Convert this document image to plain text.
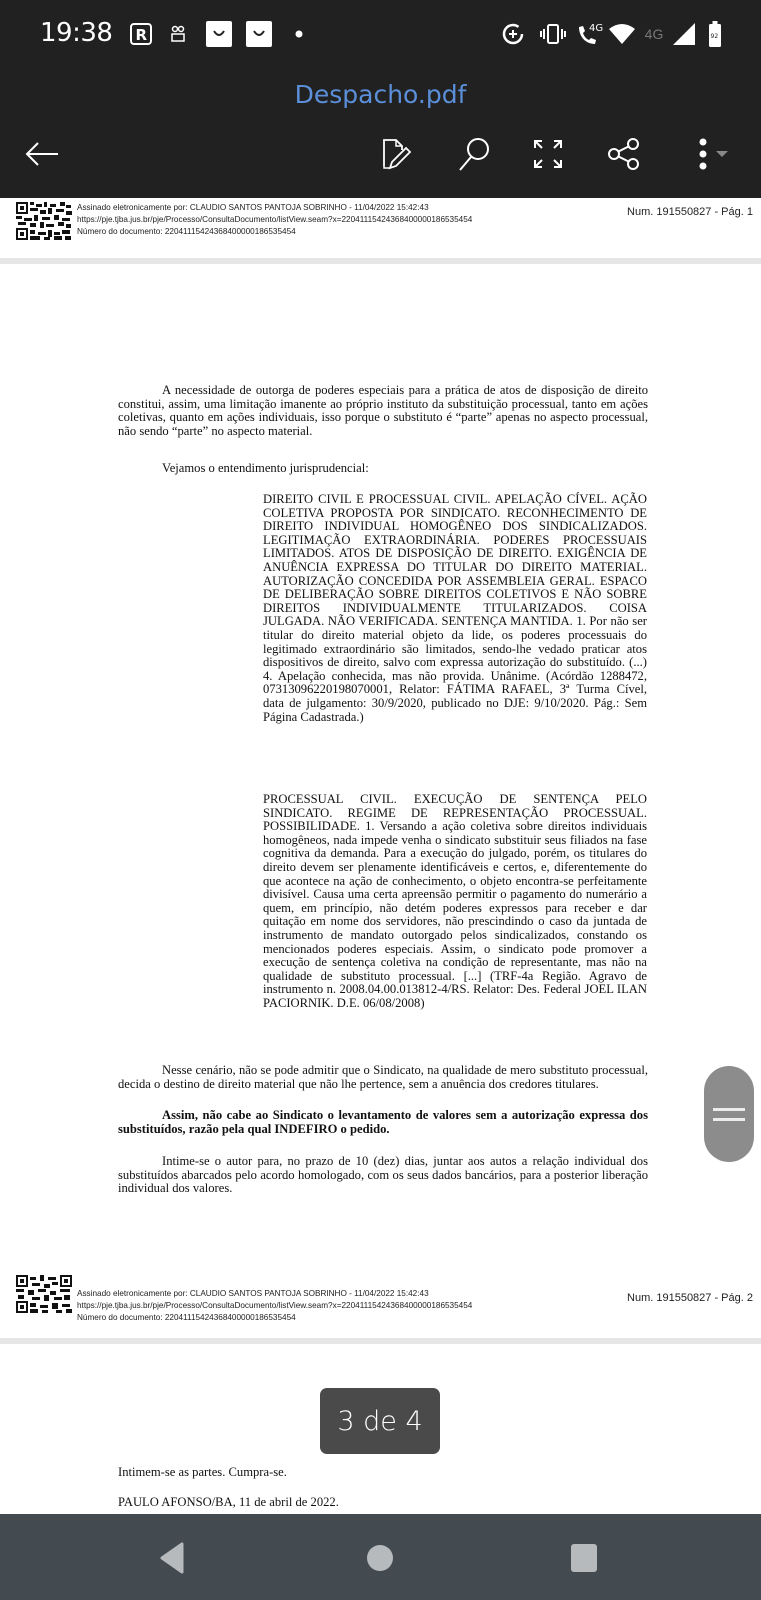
19:38 R	4G	4G	92
Despacho.pdf
Assinado eletronicamente por: CLAUDIO SANTOS PANTOJA SOBRINHO - 11/04/2022 15:42:43
https://pje.tjba.jus.br/pje/Processo/ConsultaDocumento/listView.seam?x=22041115424368400000186535454
Número do documento: 22041115424368400000186535454
Num. 191550827 - Pág. 1
A necessidade de outorga de poderes especiais para a prática de atos de disposição de direito constitui, assim, uma limitação imanente ao próprio instituto da substituição processual, tanto em ações coletivas, quanto em ações individuais, isso porque o substituto é “parte” apenas no aspecto processual, não sendo “parte” no aspecto material.
Vejamos o entendimento jurisprudencial:
DIREITO CIVIL E PROCESSUAL CIVIL. APELAÇÃO CÍVEL. AÇÃO COLETIVA PROPOSTA POR SINDICATO. RECONHECIMENTO DE DIREITO INDIVIDUAL HOMOGÊNEO DOS SINDICALIZADOS. LEGITIMAÇÃO EXTRAORDINÁRIA. PODERES PROCESSUAIS LIMITADOS. ATOS DE DISPOSIÇÃO DE DIREITO. EXIGÊNCIA DE ANUÊNCIA EXPRESSA DO TITULAR DO DIREITO MATERIAL. AUTORIZAÇÃO CONCEDIDA POR ASSEMBLEIA GERAL. ESPACO DE DELIBERAÇÃO SOBRE DIREITOS COLETIVOS E NÃO SOBRE DIREITOS INDIVIDUALMENTE TITULARIZADOS. COISA JULGADA. NÃO VERIFICADA. SENTENÇA MANTIDA. 1. Por não ser titular do direito material objeto da lide, os poderes processuais do legitimado extraordinário são limitados, sendo-lhe vedado praticar atos dispositivos de direito, salvo com expressa autorização do substituído. (...) 4. Apelação conhecida, mas não provida. Unânime. (Acórdão 1288472, 07313096220198070001, Relator: FÁTIMA RAFAEL, 3ª Turma Cível, data de julgamento: 30/9/2020, publicado no DJE: 9/10/2020. Pág.: Sem Página Cadastrada.)
PROCESSUAL CIVIL. EXECUÇÃO DE SENTENÇA PELO SINDICATO. REGIME DE REPRESENTAÇÃO PROCESSUAL. POSSIBILIDADE. 1. Versando a ação coletiva sobre direitos individuais homogêneos, nada impede venha o sindicato substituir seus filiados na fase cognitiva da demanda. Para a execução do julgado, porém, os titulares do direito devem ser plenamente identificáveis e certos, e, diferentemente do que acontece na ação de conhecimento, o objeto encontra-se perfeitamente divisível. Causa uma certa apreensão permitir o pagamento do numerário a quem, em princípio, não detém poderes expressos para receber e dar quitação em nome dos servidores, não prescindindo o caso da juntada de instrumento de mandato outorgado pelos sindicalizados, constando os mencionados poderes especiais. Assim, o sindicato pode promover a execução de sentença coletiva na condição de representante, mas não na qualidade de substituto processual. [...] (TRF-4a Região. Agravo de instrumento n. 2008.04.00.013812-4/RS. Relator: Des. Federal JOEL ILAN PACIORNIK. D.E. 06/08/2008)
Nesse cenário, não se pode admitir que o Sindicato, na qualidade de mero substituto processual, decida o destino de direito material que não lhe pertence, sem a anuência dos credores titulares.
Assim, não cabe ao Sindicato o levantamento de valores sem a autorização expressa dos substituídos, razão pela qual INDEFIRO o pedido.
Intime-se o autor para, no prazo de 10 (dez) dias, juntar aos autos a relação individual dos substituídos abarcados pelo acordo homologado, com os seus dados bancários, para a posterior liberação individual dos valores.
Assinado eletronicamente por: CLAUDIO SANTOS PANTOJA SOBRINHO - 11/04/2022 15:42:43
https://pje.tjba.jus.br/pje/Processo/ConsultaDocumento/listView.seam?x=22041115424368400000186535454
Número do documento: 22041115424368400000186535454
Num. 191550827 - Pág. 2
Intimem-se as partes. Cumpra-se.
PAULO AFONSO/BA, 11 de abril de 2022.
3 de 4
